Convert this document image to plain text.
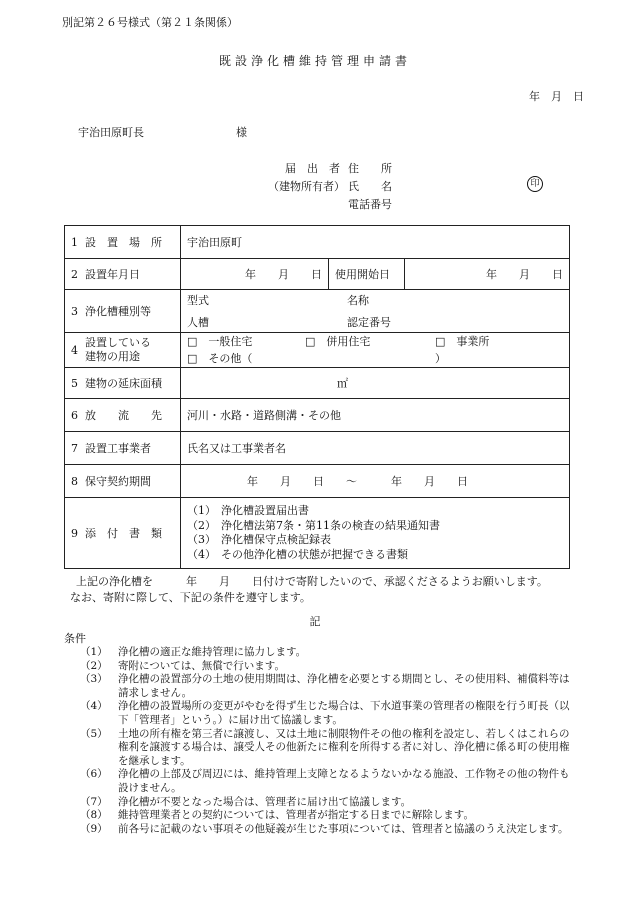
別記第２６号様式（第２１条関係）
既設浄化槽維持管理申請書
年　月　日
宇治田原町長	様
届　出　者 住　　所
（建物所有者） 氏　　名
電話番号
印
1 設　置　場　所	宇治田原町		
2 設置年月日	年　　月　　日	使用開始日	年　　月　　日
3 浄化槽種別等	型式 名称
人槽 認定番号		

4
設置している
建物の用途	□　一般住宅 □　併用住宅 □　事業所
□　その他（ ）		

5 建物の延床面積	㎡		
6 放　　流　　先	河川・水路・道路側溝・その他		
7 設置工事業者	氏名又は工事業者名		
8 保守契約期間	年　　月　　日 ～ 年　　月　　日		

9 添　付　書　類	（1） 浄化槽設置届出書
（2） 浄化槽法第7条・第11条の検査の結果通知書
（3） 浄化槽保守点検記録表
（4） その他浄化槽の状態が把握できる書類		
上記の浄化槽を　　　年　　月　　日付けで寄附したいので、承認くださるようお願いします。
なお、寄附に際して、下記の条件を遵守します。
記
条件
（1） 浄化槽の適正な維持管理に協力します。
（2） 寄附については、無償で行います。
（3） 浄化槽の設置部分の土地の使用期間は、浄化槽を必要とする期間とし、その使用料、補償料等は請求しません。
（4） 浄化槽の設置場所の変更がやむを得ず生じた場合は、下水道事業の管理者の権限を行う町長（以下「管理者」という。）に届け出て協議します。
（5） 土地の所有権を第三者に譲渡し、又は土地に制限物件その他の権利を設定し、若しくはこれらの権利を譲渡する場合は、譲受人その他新たに権利を所得する者に対し、浄化槽に係る町の使用権を継承します。
（6） 浄化槽の上部及び周辺には、維持管理上支障となるようないかなる施設、工作物その他の物件も設けません。
（7） 浄化槽が不要となった場合は、管理者に届け出て協議します。
（8） 維持管理業者との契約については、管理者が指定する日までに解除します。
（9） 前各号に記載のない事項その他疑義が生じた事項については、管理者と協議のうえ決定します。
